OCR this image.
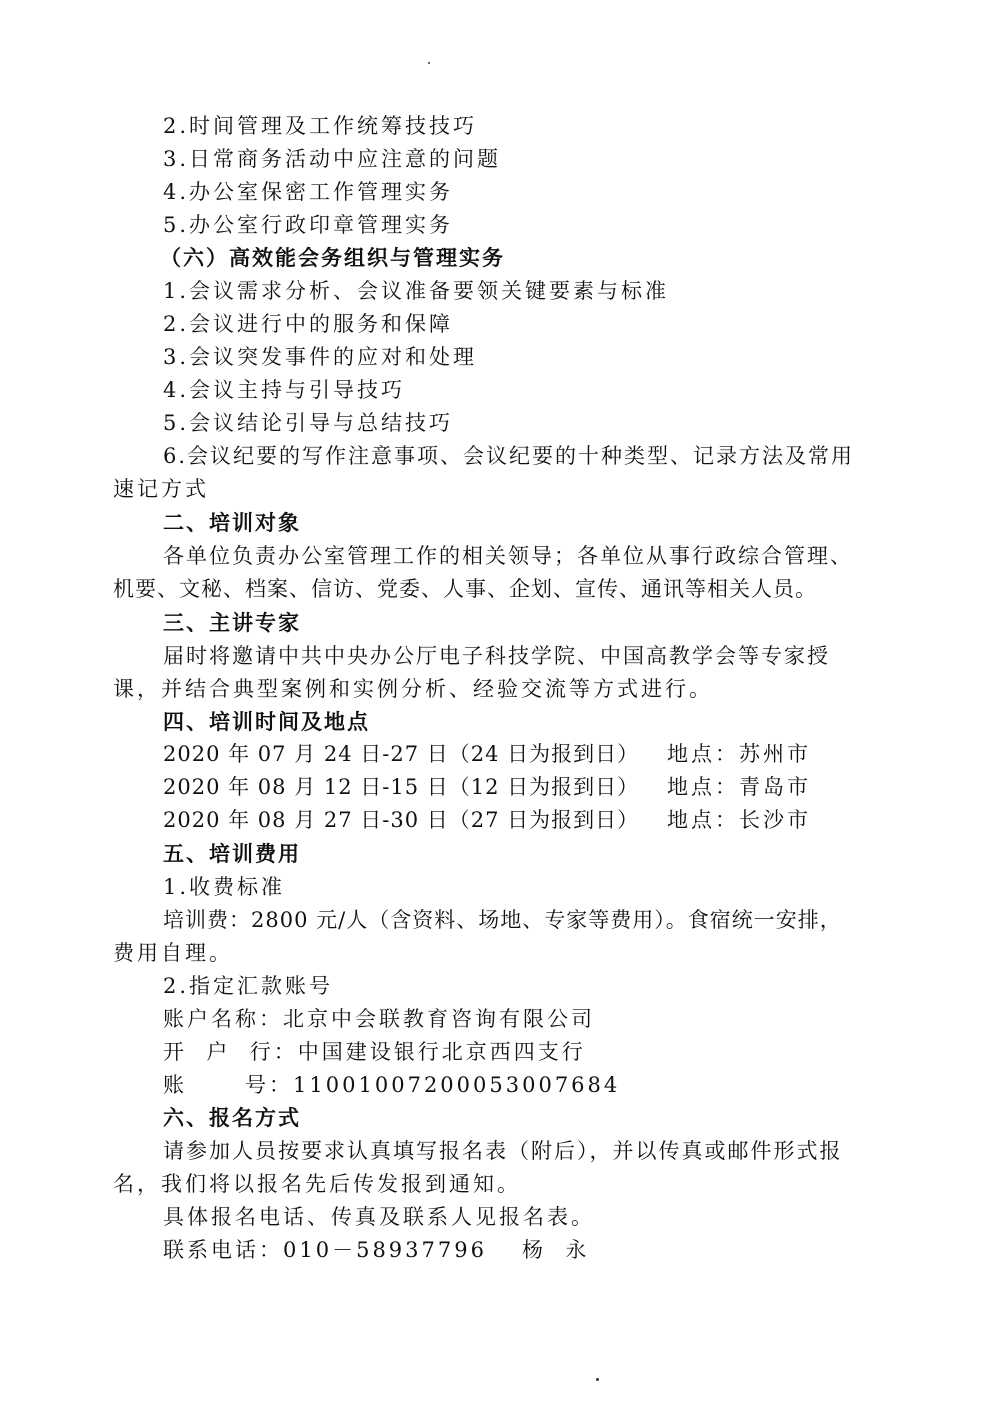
2.时间管理及工作统筹技技巧
3.日常商务活动中应注意的问题
4.办公室保密工作管理实务
5.办公室行政印章管理实务
（六）高效能会务组织与管理实务
1.会议需求分析、会议准备要领关键要素与标准
2.会议进行中的服务和保障
3.会议突发事件的应对和处理
4.会议主持与引导技巧
5.会议结论引导与总结技巧
6.会议纪要的写作注意事项、会议纪要的十种类型、记录方法及常用
速记方式
二、培训对象
各单位负责办公室管理工作的相关领导；各单位从事行政综合管理、
机要、文秘、档案、信访、党委、人事、企划、宣传、通讯等相关人员。
三、主讲专家
届时将邀请中共中央办公厅电子科技学院、中国高教学会等专家授
课，并结合典型案例和实例分析、经验交流等方式进行。
四、培训时间及地点
2020 年 07 月 24 日-27 日（24 日为报到日） 地点：苏州市
2020 年 08 月 12 日-15 日（12 日为报到日） 地点：青岛市
2020 年 08 月 27 日-30 日（27 日为报到日） 地点：长沙市
五、培训费用
1.收费标准
培训费：2800 元/人（含资料、场地、专家等费用）。食宿统一安排，
费用自理。
2.指定汇款账号
账户名称：北京中会联教育咨询有限公司
开  户  行：中国建设银行北京西四支行
账      号：11001007200053007684
六、报名方式
请参加人员按要求认真填写报名表（附后），并以传真或邮件形式报
名，我们将以报名先后传发报到通知。
具体报名电话、传真及联系人见报名表。
联系电话：010－58937796 杨  永
